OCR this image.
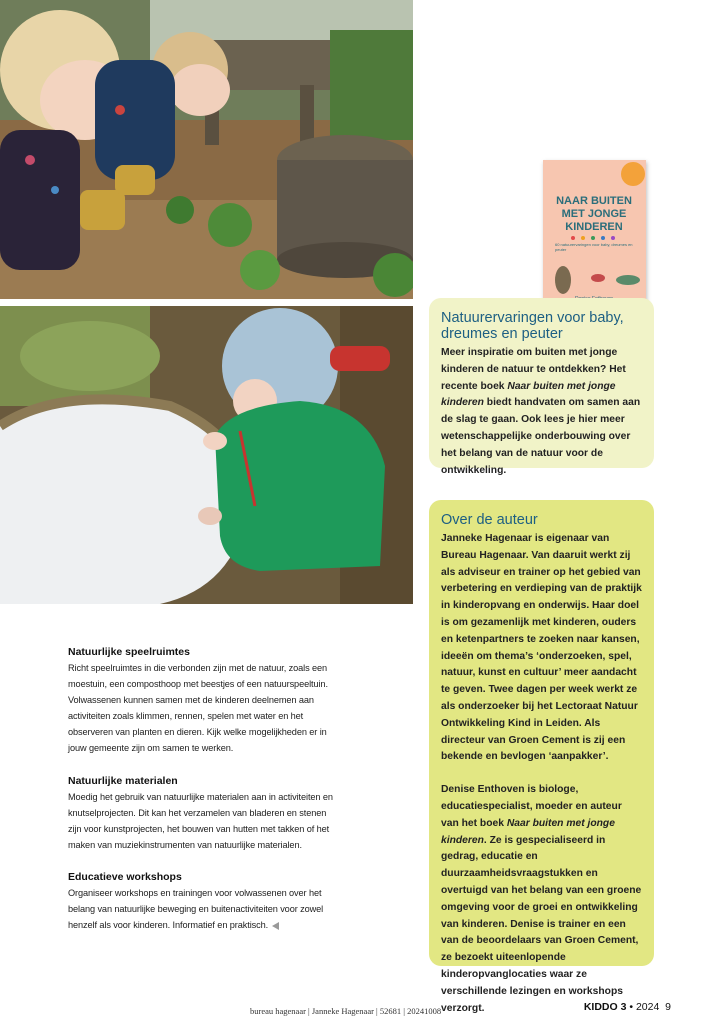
NAAR BUITEN
MET JONGE
KINDEREN
60 natuurervaringen voor baby, dreumes en peuter
Natuurervaringen voor baby, dreumes en peuter

Meer inspiratie om buiten met jonge kinderen de natuur te ontdekken? Het recente boek Naar buiten met jonge kinderen biedt handvaten om samen aan de slag te gaan. Ook lees je hier meer wetenschappelijke onderbouwing over het belang van de natuur voor de ontwikkeling.

Over de auteur

Janneke Hagenaar is eigenaar van Bureau Hagenaar. Van daaruit werkt zij als adviseur en trainer op het gebied van verbetering en verdieping van de praktijk in kinderopvang en onderwijs. Haar doel is om gezamenlijk met kinderen, ouders en ketenpartners te zoeken naar kansen, ideeën om thema’s ‘onderzoeken, spel, natuur, kunst en cultuur’ meer aandacht te geven. Twee dagen per week werkt ze als onderzoeker bij het Lectoraat Natuur Ontwikkeling Kind in Leiden. Als directeur van Groen Cement is zij een bekende en bevlogen ‘aanpakker’.

Denise Enthoven is biologe, educatiespecialist, moeder en auteur van het boek Naar buiten met jonge kinderen. Ze is gespecialiseerd in gedrag, educatie en duurzaamheidsvraagstukken en overtuigd van het belang van een groene omgeving voor de groei en ontwikkeling van kinderen. Denise is trainer en een van de beoordelaars van Groen Cement, ze bezoekt uiteenlopende kinderopvanglocaties waar ze verschillende lezingen en workshops verzorgt.

Natuurlijke speelruimtes

Richt speelruimtes in die verbonden zijn met de natuur, zoals een moestuin, een composthoop met beestjes of een natuurspeeltuin. Volwassenen kunnen samen met de kinderen deelnemen aan activiteiten zoals klimmen, rennen, spelen met water en het observeren van planten en dieren. Kijk welke mogelijkheden er in jouw gemeente zijn om samen te werken.

Natuurlijke materialen

Moedig het gebruik van natuurlijke materialen aan in activiteiten en knutselprojecten. Dit kan het verzamelen van bladeren en stenen zijn voor kunstprojecten, het bouwen van hutten met takken of het maken van muziekinstrumenten van natuurlijke materialen.

Educatieve workshops

Organiseer workshops en trainingen voor volwassenen over het belang van natuurlijke beweging en buitenactiviteiten voor zowel henzelf als voor kinderen. Informatief en praktisch.

bureau hagenaar | Janneke Hagenaar | 52681 | 20241008	KIDDO 3 • 2024 9
